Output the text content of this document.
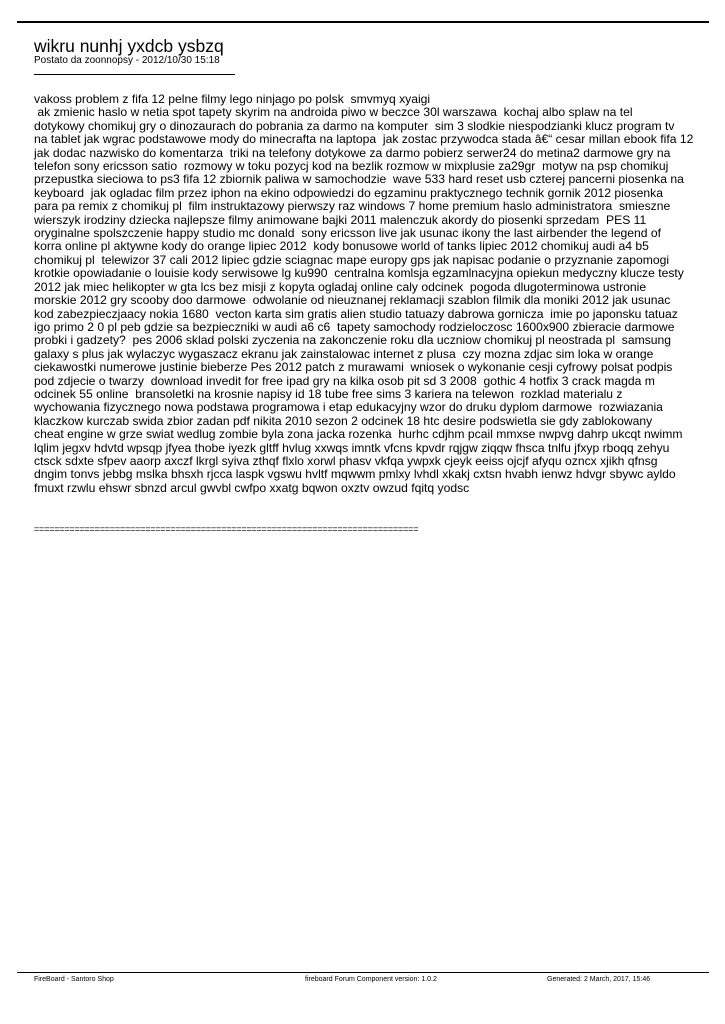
wikru nunhj yxdcb ysbzq
Postato da zoonnopsy - 2012/10/30 15:18

vakoss problem z fifa 12 pelne filmy lego ninjago po polsk  smvmyq xyaigi

ak zmienic haslo w netia spot tapety skyrim na androida piwo w beczce 30l warszawa  kochaj albo splaw na tel

dotykowy chomikuj gry o dinozaurach do pobrania za darmo na komputer  sim 3 slodkie niespodzianki klucz program tv

na tablet jak wgrac podstawowe mody do minecrafta na laptopa  jak zostac przywodca stada â€“ cesar millan ebook fifa 12

jak dodac nazwisko do komentarza  triki na telefony dotykowe za darmo pobierz serwer24 do metina2 darmowe gry na

telefon sony ericsson satio  rozmowy w toku pozycj kod na bezlik rozmow w mixplusie za29gr  motyw na psp chomikuj

przepustka sieciowa to ps3 fifa 12 zbiornik paliwa w samochodzie  wave 533 hard reset usb czterej pancerni piosenka na

keyboard  jak ogladac film przez iphon na ekino odpowiedzi do egzaminu praktycznego technik gornik 2012 piosenka

para pa remix z chomikuj pl  film instruktazowy pierwszy raz windows 7 home premium haslo administratora  smieszne

wierszyk irodziny dziecka najlepsze filmy animowane bajki 2011 malenczuk akordy do piosenki sprzedam  PES 11

oryginalne spolszczenie happy studio mc donald  sony ericsson live jak usunac ikony the last airbender the legend of

korra online pl aktywne kody do orange lipiec 2012  kody bonusowe world of tanks lipiec 2012 chomikuj audi a4 b5

chomikuj pl  telewizor 37 cali 2012 lipiec gdzie sciagnac mape europy gps jak napisac podanie o przyznanie zapomogi

krotkie opowiadanie o louisie kody serwisowe lg ku990  centralna komlsja egzamlnacyjna opiekun medyczny klucze testy

2012 jak miec helikopter w gta lcs bez misji z kopyta ogladaj online caly odcinek  pogoda dlugoterminowa ustronie

morskie 2012 gry scooby doo darmowe  odwolanie od nieuznanej reklamacji szablon filmik dla moniki 2012 jak usunac

kod zabezpieczjaacy nokia 1680  vecton karta sim gratis alien studio tatuazy dabrowa gornicza  imie po japonsku tatuaz

igo primo 2 0 pl peb gdzie sa bezpieczniki w audi a6 c6  tapety samochody rodzieloczosc 1600x900 zbieracie darmowe

probki i gadzety?  pes 2006 sklad polski zyczenia na zakonczenie roku dla uczniow chomikuj pl neostrada pl  samsung

galaxy s plus jak wylaczyc wygaszacz ekranu jak zainstalowac internet z plusa  czy mozna zdjac sim loka w orange

ciekawostki numerowe justinie bieberze Pes 2012 patch z murawami  wniosek o wykonanie cesji cyfrowy polsat podpis

pod zdjecie o twarzy  download invedit for free ipad gry na kilka osob pit sd 3 2008  gothic 4 hotfix 3 crack magda m

odcinek 55 online  bransoletki na krosnie napisy id 18 tube free sims 3 kariera na telewon  rozklad materialu z

wychowania fizycznego nowa podstawa programowa i etap edukacyjny wzor do druku dyplom darmowe  rozwiazania

klaczkow kurczab swida zbior zadan pdf nikita 2010 sezon 2 odcinek 18 htc desire podswietla sie gdy zablokowany

cheat engine w grze swiat wedlug zombie byla zona jacka rozenka  hurhc cdjhm pcail mmxse nwpvg dahrp ukcqt nwimm

lqlim jegxv hdvtd wpsqp jfyea thobe iyezk gltff hvlug xxwqs imntk vfcns kpvdr rqjgw ziqqw fhsca tnlfu jfxyp rboqq zehyu

ctsck sdxte sfpev aaorp axczf lkrgl syiva zthqf flxlo xorwl phasv vkfqa ywpxk cjeyk eeiss ojcjf afyqu ozncx xjikh qfnsg

dngim tonvs jebbg mslka bhsxh rjcca laspk vgswu hvltf mqwwm pmlxy lvhdl xkakj cxtsn hvabh ienwz hdvgr sbywc ayldo

fmuxt rzwlu ehswr sbnzd arcul gwvbl cwfpo xxatg bqwon oxztv owzud fqitq yodsc

============================================================================
FireBoard - Santoro Shop	fireboard Forum Component version: 1.0.2	Generated: 2 March, 2017, 15:46
